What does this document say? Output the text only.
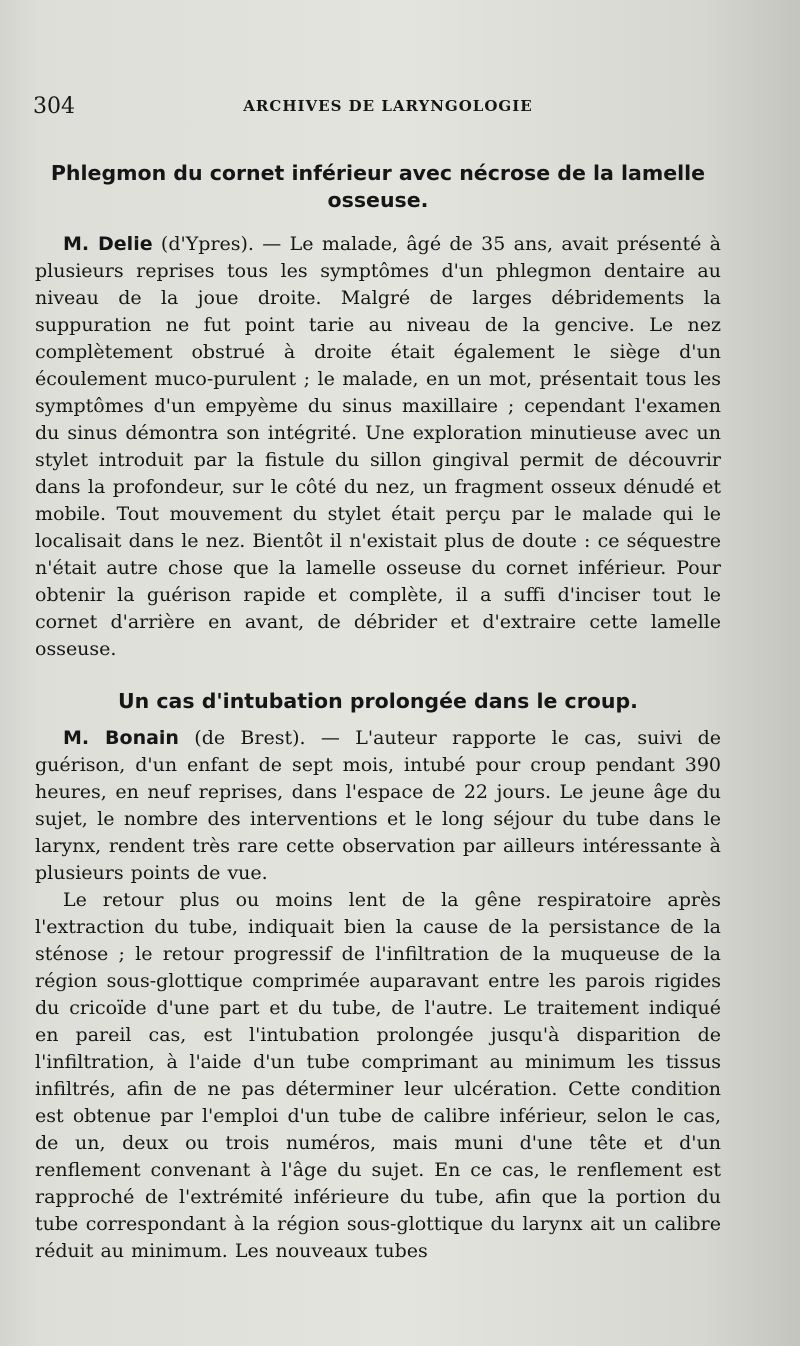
304	ARCHIVES DE LARYNGOLOGIE
Phlegmon du cornet inférieur avec nécrose de la lamelle osseuse.

M. Delie (d'Ypres). — Le malade, âgé de 35 ans, avait présenté à plusieurs reprises tous les symptômes d'un phlegmon dentaire au niveau de la joue droite. Malgré de larges débridements la suppuration ne fut point tarie au niveau de la gencive. Le nez complètement obstrué à droite était également le siège d'un écoulement muco-purulent ; le malade, en un mot, présentait tous les symptômes d'un empyème du sinus maxillaire ; cependant l'examen du sinus démontra son intégrité. Une exploration minutieuse avec un stylet introduit par la fistule du sillon gingival permit de découvrir dans la profondeur, sur le côté du nez, un fragment osseux dénudé et mobile. Tout mouvement du stylet était perçu par le malade qui le localisait dans le nez. Bientôt il n'existait plus de doute : ce séquestre n'était autre chose que la lamelle osseuse du cornet inférieur. Pour obtenir la guérison rapide et complète, il a suffi d'inciser tout le cornet d'arrière en avant, de débrider et d'extraire cette lamelle osseuse.

Un cas d'intubation prolongée dans le croup.

M. Bonain (de Brest). — L'auteur rapporte le cas, suivi de guérison, d'un enfant de sept mois, intubé pour croup pendant 390 heures, en neuf reprises, dans l'espace de 22 jours. Le jeune âge du sujet, le nombre des interventions et le long séjour du tube dans le larynx, rendent très rare cette observation par ailleurs intéressante à plusieurs points de vue.

Le retour plus ou moins lent de la gêne respiratoire après l'extraction du tube, indiquait bien la cause de la persistance de la sténose ; le retour progressif de l'infiltration de la muqueuse de la région sous-glottique comprimée auparavant entre les parois rigides du cricoïde d'une part et du tube, de l'autre. Le traitement indiqué en pareil cas, est l'intubation prolongée jusqu'à disparition de l'infiltration, à l'aide d'un tube comprimant au minimum les tissus infiltrés, afin de ne pas déterminer leur ulcération. Cette condition est obtenue par l'emploi d'un tube de calibre inférieur, selon le cas, de un, deux ou trois numéros, mais muni d'une tête et d'un renflement convenant à l'âge du sujet. En ce cas, le renflement est rapproché de l'extrémité inférieure du tube, afin que la portion du tube correspondant à la région sous-glottique du larynx ait un calibre réduit au minimum. Les nouveaux tubes
